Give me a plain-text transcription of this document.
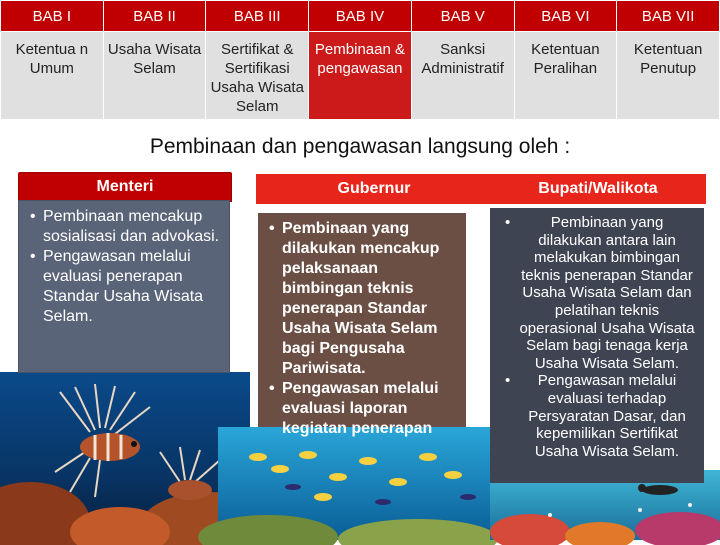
BAB I	BAB II	BAB III	BAB IV	BAB V	BAB VI	BAB VII
Ketentua n Umum	Usaha Wisata Selam	Sertifikat & Sertifikasi Usaha Wisata Selam	Pembinaan & pengawasan	Sanksi Administratif	Ketentuan Peralihan	Ketentuan Penutup
Pembinaan dan pengawasan langsung oleh :
Menteri
• Pembinaan mencakup sosialisasi dan advokasi.
• Pengawasan melalui evaluasi penerapan Standar Usaha Wisata Selam.
Gubernur
• Pembinaan yang dilakukan mencakup pelaksanaan bimbingan teknis penerapan Standar Usaha Wisata Selam bagi Pengusaha Pariwisata.
• Pengawasan melalui evaluasi laporan kegiatan penerapan
Bupati/Walikota
• Pembinaan yang dilakukan antara lain melakukan bimbingan teknis penerapan Standar Usaha Wisata Selam dan pelatihan teknis operasional Usaha Wisata Selam bagi tenaga kerja Usaha Wisata Selam.
• Pengawasan melalui evaluasi terhadap Persyaratan Dasar, dan kepemilikan Sertifikat Usaha Wisata Selam.
